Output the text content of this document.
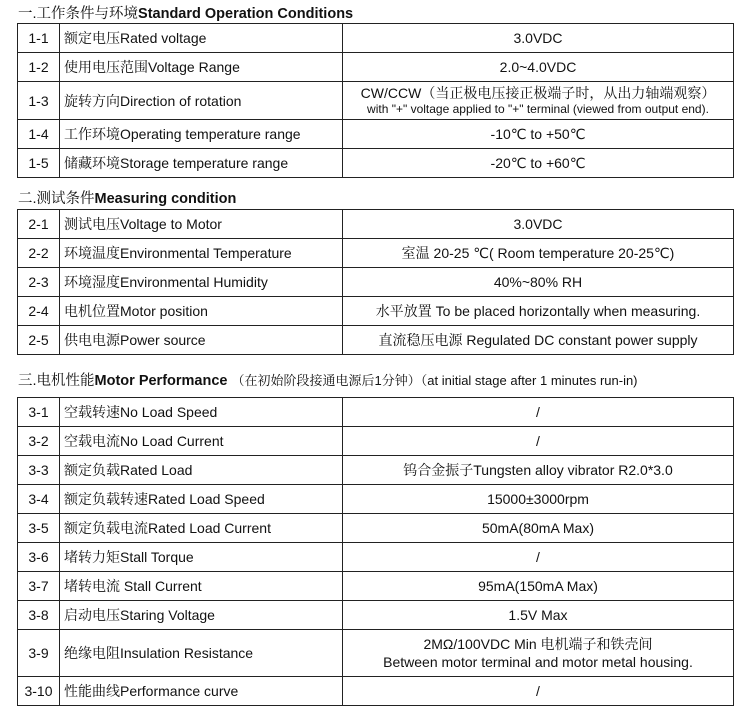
一.工作条件与环境Standard Operation Conditions
1-1	额定电压Rated voltage	3.0VDC
1-2	使用电压范围Voltage Range	2.0~4.0VDC
1-3	旋转方向Direction of rotation	CW/CCW（当正极电压接正极端子时，从出力轴端观察）
with "+" voltage applied to "+" terminal (viewed from output end).

1-4	工作环境Operating temperature range	-10℃ to +50℃
1-5	储藏环境Storage temperature range	-20℃ to +60℃
二.测试条件Measuring condition
2-1	测试电压Voltage to Motor	3.0VDC
2-2	环境温度Environmental Temperature	室温 20-25 ℃( Room temperature 20-25℃)
2-3	环境湿度Environmental Humidity	40%~80% RH
2-4	电机位置Motor position	水平放置 To be placed horizontally when measuring.
2-5	供电电源Power source	直流稳压电源 Regulated DC constant power supply
三.电机性能Motor Performance （在初始阶段接通电源后1分钟）（at initial stage after 1 minutes run-in)
3-1	空载转速No Load Speed	/
3-2	空载电流No Load Current	/
3-3	额定负载Rated Load	钨合金振子Tungsten alloy vibrator R2.0*3.0
3-4	额定负载转速Rated Load Speed	15000±3000rpm
3-5	额定负载电流Rated Load Current	50mA(80mA Max)
3-6	堵转力矩Stall Torque	/
3-7	堵转电流 Stall Current	95mA(150mA Max)
3-8	启动电压Staring Voltage	1.5V Max
3-9	绝缘电阻Insulation Resistance	2MΩ/100VDC Min 电机端子和铁壳间
Between motor terminal and motor metal housing.

3-10	性能曲线Performance curve	/
